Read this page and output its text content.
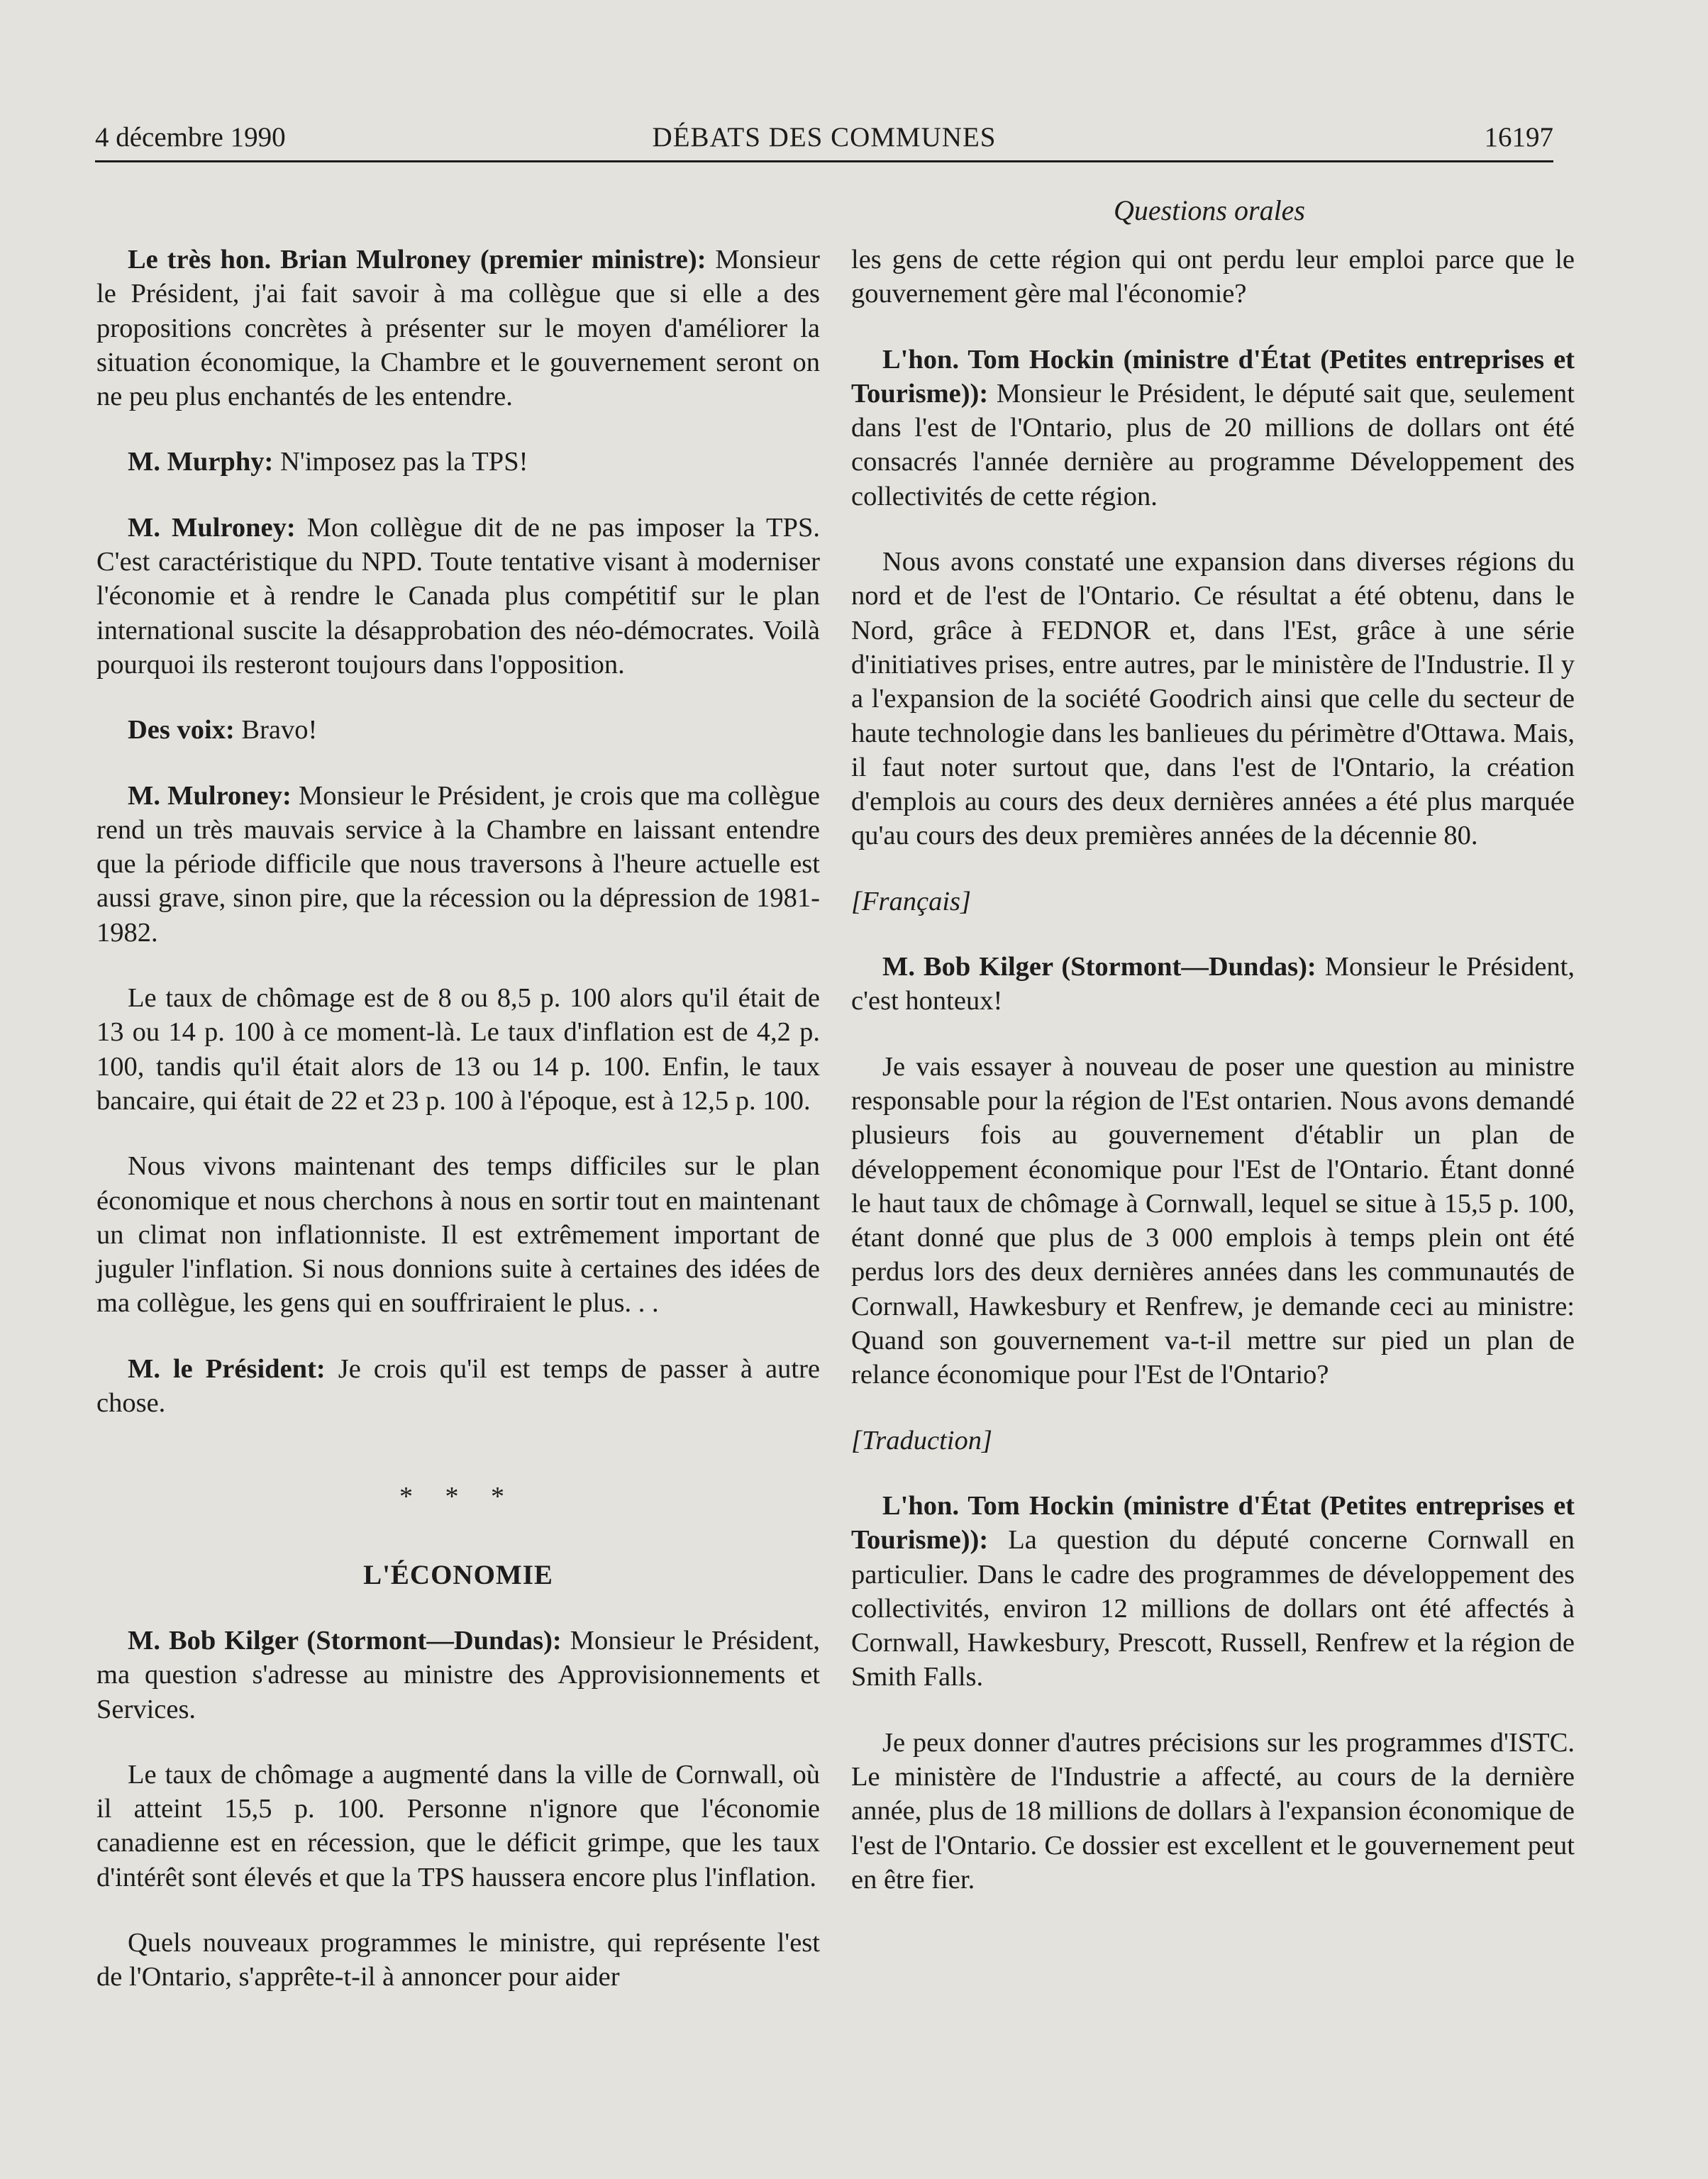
4 décembre 1990	DÉBATS DES COMMUNES	16197
Questions orales

Le très hon. Brian Mulroney (premier ministre): Monsieur le Président, j'ai fait savoir à ma collègue que si elle a des propositions concrètes à présenter sur le moyen d'améliorer la situation économique, la Chambre et le gouvernement seront on ne peu plus enchantés de les entendre.

M. Murphy: N'imposez pas la TPS!

M. Mulroney: Mon collègue dit de ne pas imposer la TPS. C'est caractéristique du NPD. Toute tentative visant à moderniser l'économie et à rendre le Canada plus compétitif sur le plan international suscite la désapprobation des néo-démocrates. Voilà pourquoi ils resteront toujours dans l'opposition.

Des voix: Bravo!

M. Mulroney: Monsieur le Président, je crois que ma collègue rend un très mauvais service à la Chambre en laissant entendre que la période difficile que nous traversons à l'heure actuelle est aussi grave, sinon pire, que la récession ou la dépression de 1981-1982.

Le taux de chômage est de 8 ou 8,5 p. 100 alors qu'il était de 13 ou 14 p. 100 à ce moment-là. Le taux d'inflation est de 4,2 p. 100, tandis qu'il était alors de 13 ou 14 p. 100. Enfin, le taux bancaire, qui était de 22 et 23 p. 100 à l'époque, est à 12,5 p. 100.

Nous vivons maintenant des temps difficiles sur le plan économique et nous cherchons à nous en sortir tout en maintenant un climat non inflationniste. Il est extrêmement important de juguler l'inflation. Si nous donnions suite à certaines des idées de ma collègue, les gens qui en souffriraient le plus. . .

M. le Président: Je crois qu'il est temps de passer à autre chose.

* * *
L'ÉCONOMIE

M. Bob Kilger (Stormont—Dundas): Monsieur le Président, ma question s'adresse au ministre des Approvisionnements et Services.

Le taux de chômage a augmenté dans la ville de Cornwall, où il atteint 15,5 p. 100. Personne n'ignore que l'économie canadienne est en récession, que le déficit grimpe, que les taux d'intérêt sont élevés et que la TPS haussera encore plus l'inflation.

Quels nouveaux programmes le ministre, qui représente l'est de l'Ontario, s'apprête-t-il à annoncer pour aider

les gens de cette région qui ont perdu leur emploi parce que le gouvernement gère mal l'économie?

L'hon. Tom Hockin (ministre d'État (Petites entreprises et Tourisme)): Monsieur le Président, le député sait que, seulement dans l'est de l'Ontario, plus de 20 millions de dollars ont été consacrés l'année dernière au programme Développement des collectivités de cette région.

Nous avons constaté une expansion dans diverses régions du nord et de l'est de l'Ontario. Ce résultat a été obtenu, dans le Nord, grâce à FEDNOR et, dans l'Est, grâce à une série d'initiatives prises, entre autres, par le ministère de l'Industrie. Il y a l'expansion de la société Goodrich ainsi que celle du secteur de haute technologie dans les banlieues du périmètre d'Ottawa. Mais, il faut noter surtout que, dans l'est de l'Ontario, la création d'emplois au cours des deux dernières années a été plus marquée qu'au cours des deux premières années de la décennie 80.

[Français]

M. Bob Kilger (Stormont—Dundas): Monsieur le Président, c'est honteux!

Je vais essayer à nouveau de poser une question au ministre responsable pour la région de l'Est ontarien. Nous avons demandé plusieurs fois au gouvernement d'établir un plan de développement économique pour l'Est de l'Ontario. Étant donné le haut taux de chômage à Cornwall, lequel se situe à 15,5 p. 100, étant donné que plus de 3 000 emplois à temps plein ont été perdus lors des deux dernières années dans les communautés de Cornwall, Hawkesbury et Renfrew, je demande ceci au ministre: Quand son gouvernement va-t-il mettre sur pied un plan de relance économique pour l'Est de l'Ontario?

[Traduction]

L'hon. Tom Hockin (ministre d'État (Petites entreprises et Tourisme)): La question du député concerne Cornwall en particulier. Dans le cadre des programmes de développement des collectivités, environ 12 millions de dollars ont été affectés à Cornwall, Hawkesbury, Prescott, Russell, Renfrew et la région de Smith Falls.

Je peux donner d'autres précisions sur les programmes d'ISTC. Le ministère de l'Industrie a affecté, au cours de la dernière année, plus de 18 millions de dollars à l'expansion économique de l'est de l'Ontario. Ce dossier est excellent et le gouvernement peut en être fier.
